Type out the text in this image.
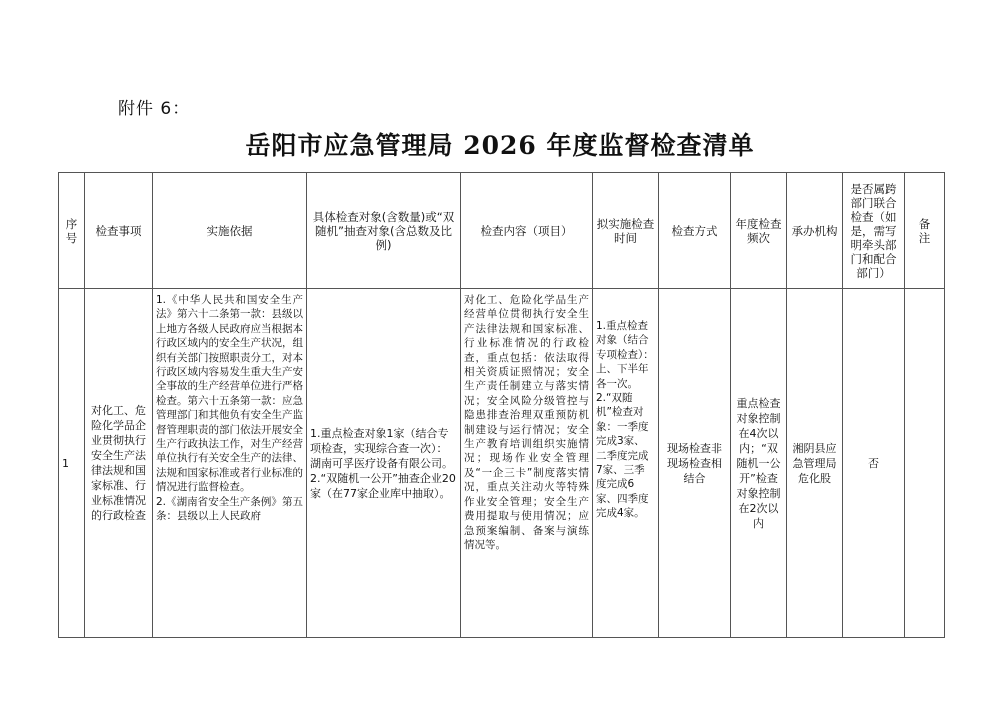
附件 6：
岳阳市应急管理局 2026 年度监督检查清单
序号	检查事项	实施依据	具体检查对象(含数量)或“双随机”抽查对象(含总数及比例)	检查内容（项目）	拟实施检查时间	检查方式	年度检查频次	承办机构	是否属跨部门联合检查（如是，需写明牵头部门和配合部门）	备注
1	对化工、危险化学品企业贯彻执行安全生产法律法规和国家标准、行业标准情况的行政检查	1.《中华人民共和国安全生产法》第六十二条第一款：县级以上地方各级人民政府应当根据本行政区域内的安全生产状况，组织有关部门按照职责分工，对本行政区域内容易发生重大生产安全事故的生产经营单位进行严格检查。第六十五条第一款：应急管理部门和其他负有安全生产监督管理职责的部门依法开展安全生产行政执法工作，对生产经营单位执行有关安全生产的法律、法规和国家标准或者行业标准的情况进行监督检查。
2.《湖南省安全生产条例》第五条：县级以上人民政府	1.重点检查对象1家（结合专项检查，实现综合查一次）：湖南可孚医疗设备有限公司。
2.“双随机一公开”抽查企业20家（在77家企业库中抽取）。	对化工、危险化学品生产经营单位贯彻执行安全生产法律法规和国家标准、行业标准情况的行政检查，重点包括：依法取得相关资质证照情况；安全生产责任制建立与落实情况；安全风险分级管控与隐患排查治理双重预防机制建设与运行情况；安全生产教育培训组织实施情况；现场作业安全管理及“一企三卡”制度落实情况，重点关注动火等特殊作业安全管理；安全生产费用提取与使用情况；应急预案编制、备案与演练情况等。	1.重点检查对象（结合专项检查）：上、下半年各一次。
2.“双随机”检查对象：一季度完成3家、二季度完成7家、三季度完成6家、四季度完成4家。	现场检查非现场检查相结合	重点检查对象控制在4次以内；“双随机一公开”检查对象控制在2次以内	湘阴县应急管理局危化股	否	
